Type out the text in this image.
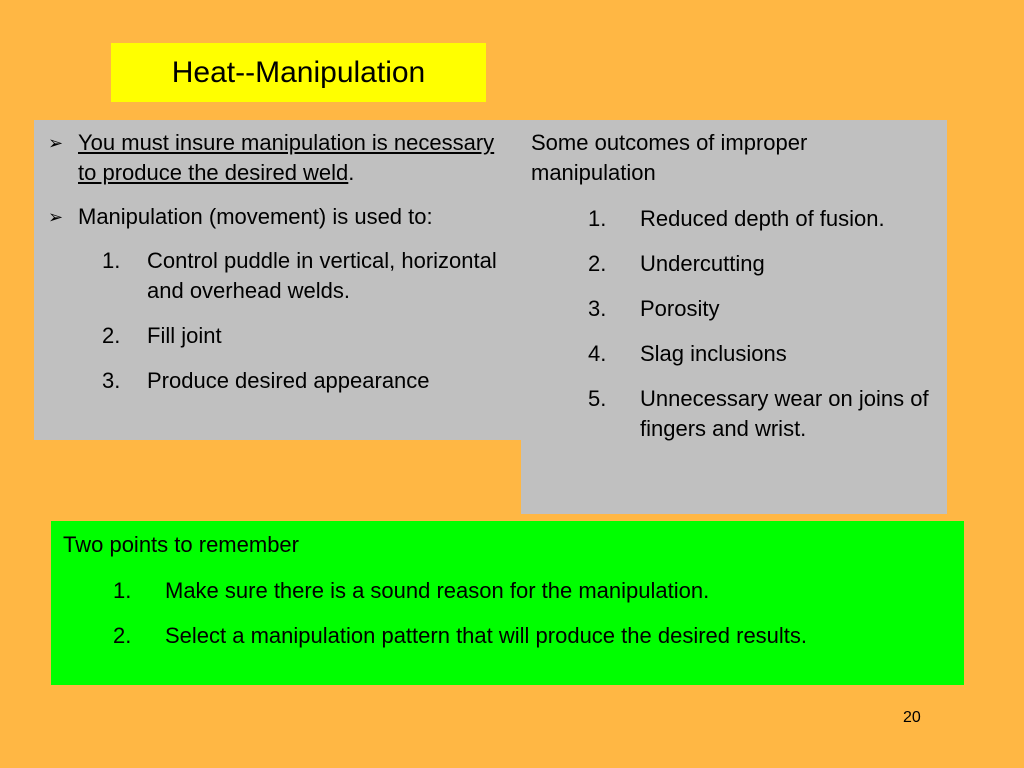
Heat--Manipulation
➢ You must insure manipulation is necessary to produce the desired weld.
➢ Manipulation (movement) is used to:
1.	Control puddle in vertical, horizontal and overhead welds.
2.	Fill joint
3.	Produce desired appearance
Some outcomes of improper manipulation
1.	Reduced depth of fusion.
2.	Undercutting
3.	Porosity
4.	Slag inclusions
5.	Unnecessary wear on joins of fingers and wrist.
Two points to remember
1.	Make sure there is a sound reason for the manipulation.
2.	Select a manipulation pattern that will produce the desired results.
20
